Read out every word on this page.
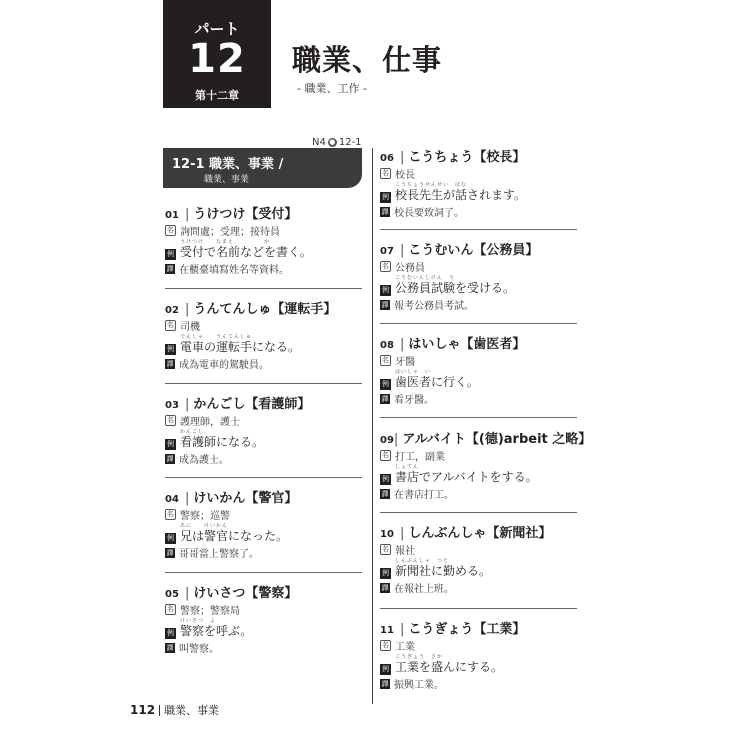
パート
12
第十二章
職業、仕事
- 職業、工作 -
N4 ● 12-1
12-1 職業、事業 /
職業、事業
01 | うけつけ【受付】
名 詢問處；受理；接待員
うけつけ　　なまえ　　　　　か
例 受付で名前などを書く。
譯 在櫃臺填寫姓名等資料。
02 | うんてんしゅ【運転手】
名 司機
でんしゃ　　うんてんしゅ
例 電車の運転手になる。
譯 成為電車的駕駛員。
03 | かんごし【看護師】
名 護理師，護士
かんごし
例 看護師になる。
譯 成為護士。
04 | けいかん【警官】
名 警察；巡警
あに　　けいかん
例 兄は警官になった。
譯 哥哥當上警察了。
05 | けいさつ【警察】
名 警察；警察局
けいさつ　よ
例 警察を呼ぶ。
譯 叫警察。
06 | こうちょう【校長】
名 校長
こうちょうせんせい　はな
例 校長先生が話されます。
譯 校長要致詞了。
07 | こうむいん【公務員】
名 公務員
こうむいんしけん　う
例 公務員試験を受ける。
譯 報考公務員考試。
08 | はいしゃ【歯医者】
名 牙醫
はいしゃ　い
例 歯医者に行く。
譯 看牙醫。
09 | アルバイト【(德)arbeit 之略】
名 打工，副業
しょてん
例 書店でアルバイトをする。
譯 在書店打工。
10 | しんぶんしゃ【新聞社】
名 報社
しんぶんしゃ　つと
例 新聞社に勤める。
譯 在報社上班。
11 | こうぎょう【工業】
名 工業
こうぎょう　さか
例 工業を盛んにする。
譯 振興工業。
112 職業、事業
